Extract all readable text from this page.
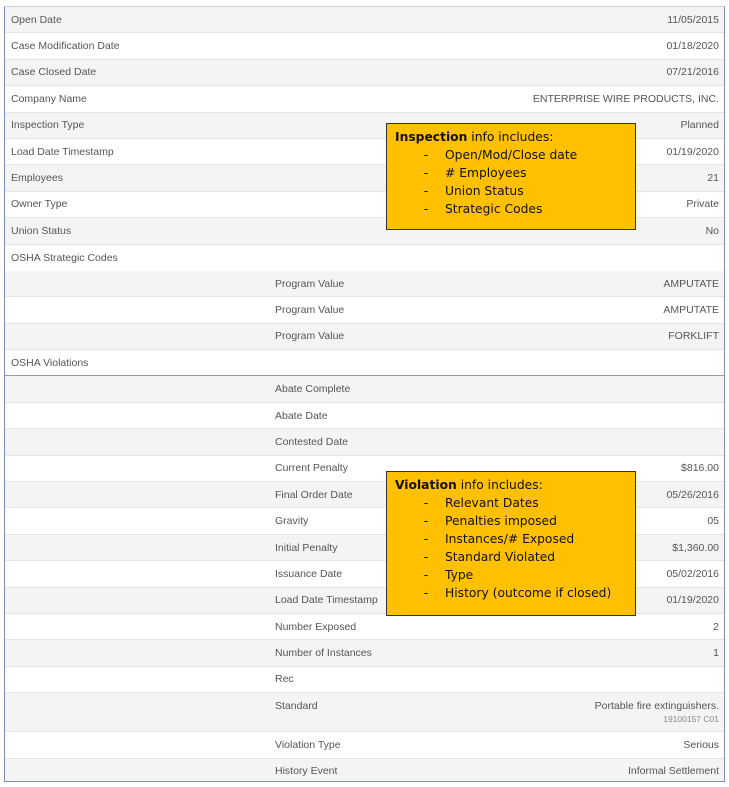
Open Date	11/05/2015
Case Modification Date	01/18/2020
Case Closed Date	07/21/2016
Company Name	ENTERPRISE WIRE PRODUCTS, INC.
Inspection Type	Planned
Load Date Timestamp	01/19/2020
Employees	21
Owner Type	Private
Union Status	No
OSHA Strategic Codes
Program Value	AMPUTATE
Program Value	AMPUTATE
Program Value	FORKLIFT
OSHA Violations
Abate Complete
Abate Date
Contested Date
Current Penalty	$816.00
Final Order Date	05/26/2016
Gravity	05
Initial Penalty	$1,360.00
Issuance Date	05/02/2016
Load Date Timestamp	01/19/2020
Number Exposed	2
Number of Instances	1
Rec
Standard	Portable fire extinguishers.
19100157 C01
Violation Type	Serious
History Event	Informal Settlement
Inspection info includes:
-	Open/Mod/Close date
-	# Employees
-	Union Status
-	Strategic Codes
Violation info includes:
-	Relevant Dates
-	Penalties imposed
-	Instances/# Exposed
-	Standard Violated
-	Type
-	History (outcome if closed)
